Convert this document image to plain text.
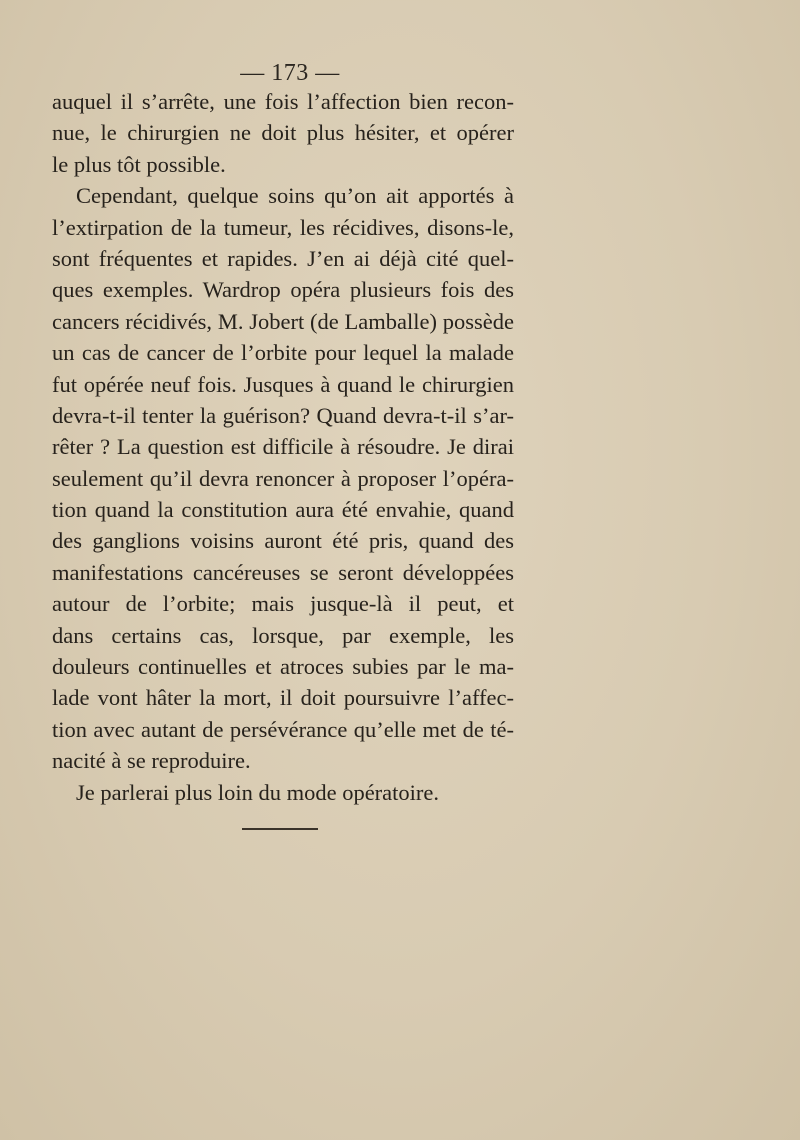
— 173 —
auquel il s’arrête, une fois l’affection bien recon-
nue, le chirurgien ne doit plus hésiter, et opérer
le plus tôt possible.
Cependant, quelque soins qu’on ait apportés à
l’extirpation de la tumeur, les récidives, disons-le,
sont fréquentes et rapides. J’en ai déjà cité quel-
ques exemples. Wardrop opéra plusieurs fois des
cancers récidivés, M. Jobert (de Lamballe) possède
un cas de cancer de l’orbite pour lequel la malade
fut opérée neuf fois. Jusques à quand le chirurgien
devra-t-il tenter la guérison? Quand devra-t-il s’ar-
rêter ? La question est difficile à résoudre. Je dirai
seulement qu’il devra renoncer à proposer l’opéra-
tion quand la constitution aura été envahie, quand
des ganglions voisins auront été pris, quand des
manifestations cancéreuses se seront développées
autour de l’orbite; mais jusque-là il peut, et
dans certains cas, lorsque, par exemple, les
douleurs continuelles et atroces subies par le ma-
lade vont hâter la mort, il doit poursuivre l’affec-
tion avec autant de persévérance qu’elle met de té-
nacité à se reproduire.
Je parlerai plus loin du mode opératoire.
